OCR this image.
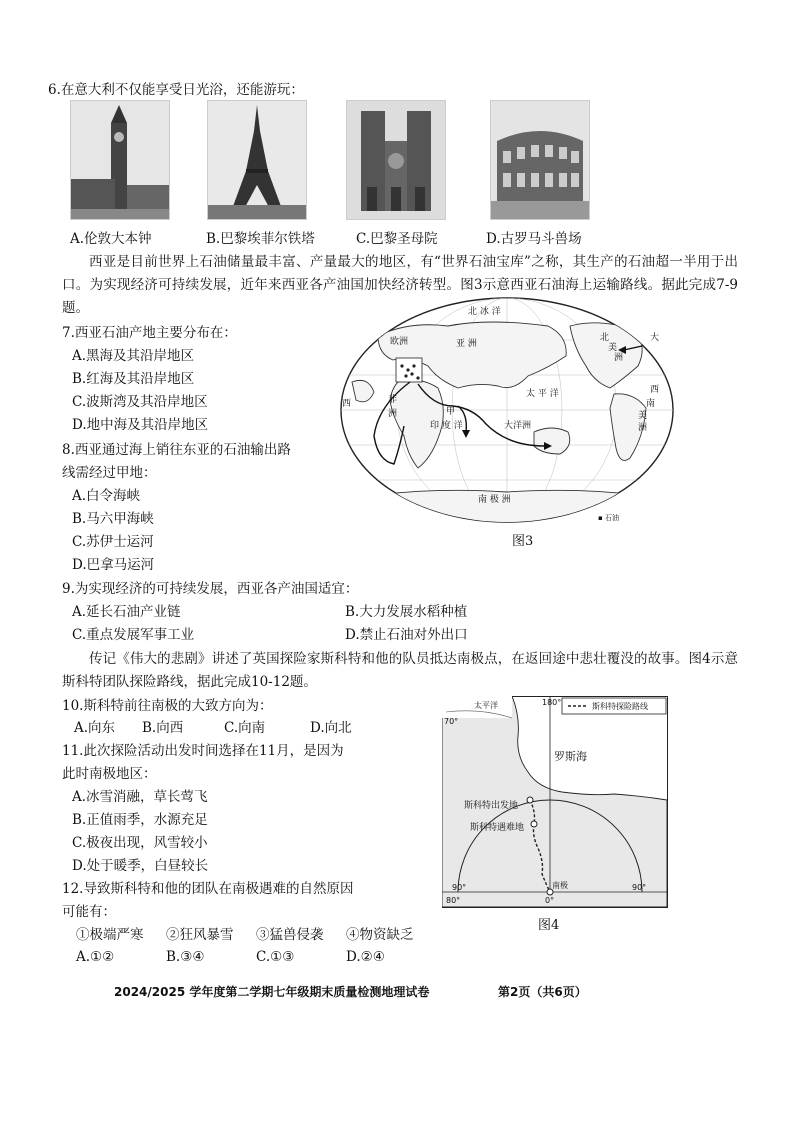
6.在意大利不仅能享受日光浴，还能游玩：
A.伦敦大本钟	B.巴黎埃菲尔铁塔	C.巴黎圣母院	D.古罗马斗兽场
西亚是目前世界上石油储量最丰富、产量最大的地区，有“世界石油宝库”之称，其生产的石油超一半用于出口。为实现经济可持续发展，近年来西亚各产油国加快经济转型。图3示意西亚石油海上运输路线。据此完成7-9题。
7.西亚石油产地主要分布在：
A.黑海及其沿岸地区
B.红海及其沿岸地区
C.波斯湾及其沿岸地区
D.地中海及其沿岸地区
8.西亚通过海上销往东亚的石油输出路
线需经过甲地：
A.白令海峡
B.马六甲海峡
C.苏伊士运河
D.巴拿马运河
北 冰 洋
欧洲	亚 洲
北
美
洲
大
太 平 洋	西
南
美
洲
非
洲
西
甲
印 度 洋	大洋洲
南 极 洲
▪ 石油
图3
9.为实现经济的可持续发展，西亚各产油国适宜：
A.延长石油产业链	B.大力发展水稻种植
C.重点发展军事工业	D.禁止石油对外出口
传记《伟大的悲剧》讲述了英国探险家斯科特和他的队员抵达南极点，在返回途中悲壮覆没的故事。图4示意斯科特团队探险路线，据此完成10-12题。
10.斯科特前往南极的大致方向为：
A.向东	B.向西	C.向南	D.向北
11.此次探险活动出发时间选择在11月，是因为
此时南极地区：
A.冰雪消融，草长莺飞
B.正值雨季，水源充足
C.极夜出现，风雪较小
D.处于暖季，白昼较长
12.导致斯科特和他的团队在南极遇难的自然原因
可能有：
①极端严寒	②狂风暴雪	③猛兽侵袭	④物资缺乏
A.①②	B.③④	C.①③	D.②④
斯科特探险路线
太平洋
罗斯海
斯科特出发地
斯科特遇难地
南极
70°
180°
90°	90°
80°	0°
图4
2024/2025 学年度第二学期七年级期末质量检测地理试卷	第2页（共6页）
